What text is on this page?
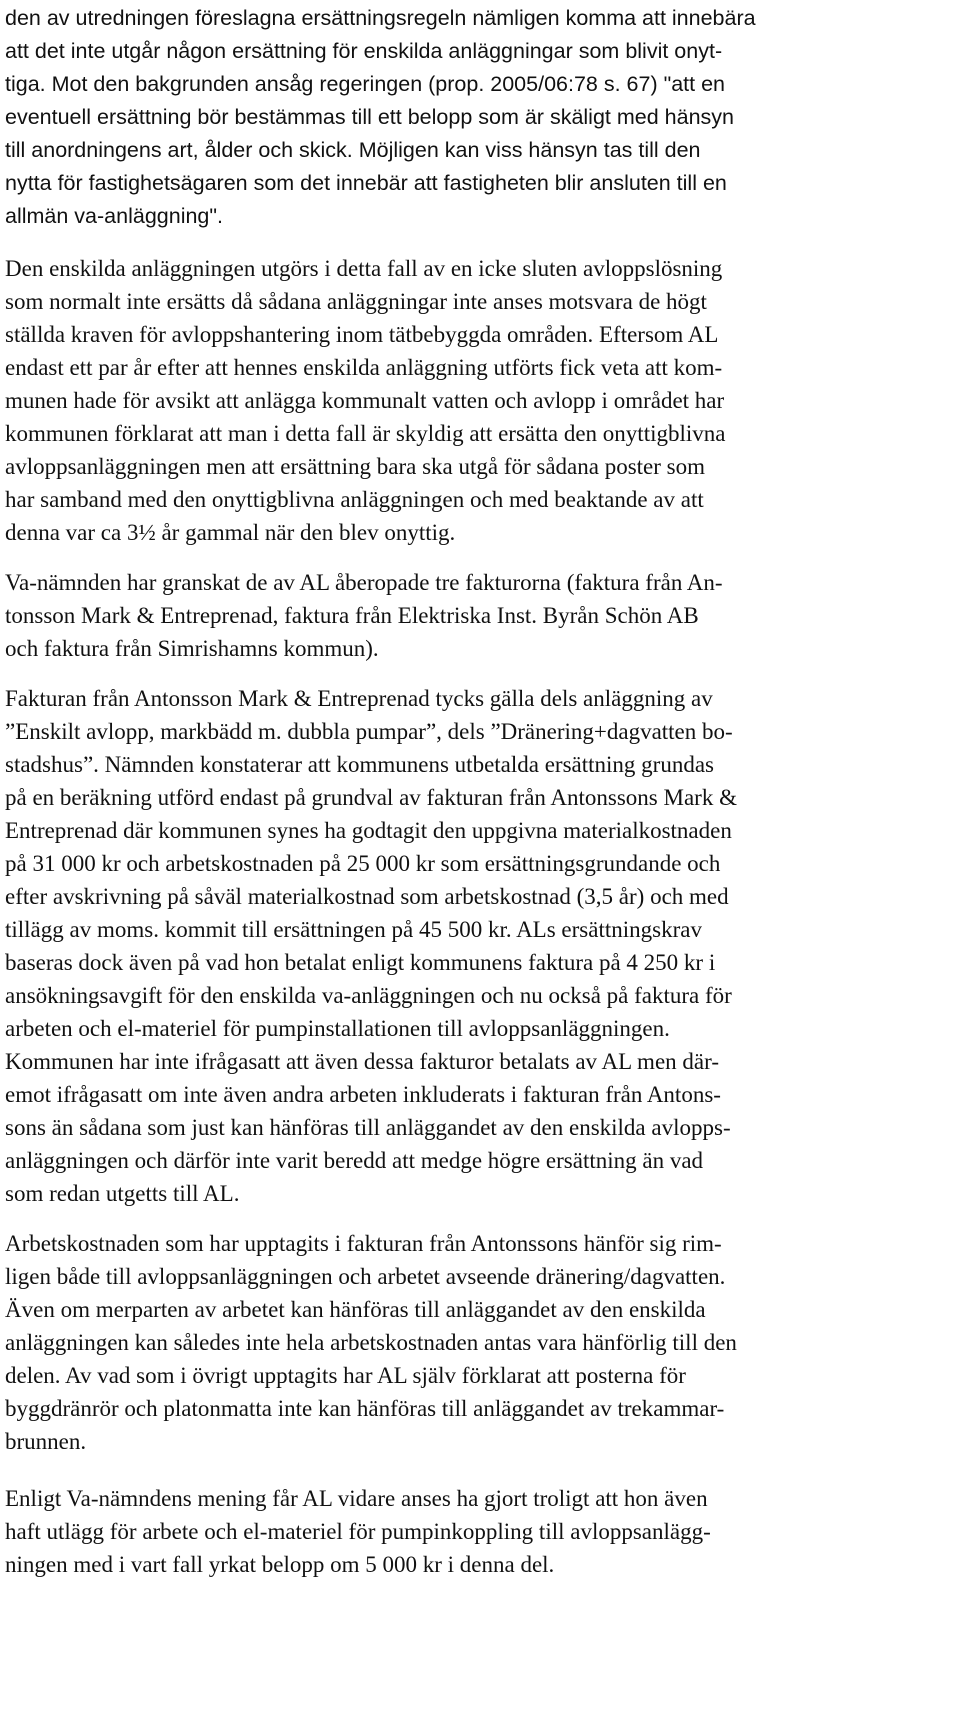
den av utredningen föreslagna ersättningsregeln nämligen komma att innebära
att det inte utgår någon ersättning för enskilda anläggningar som blivit onyt-
tiga. Mot den bakgrunden ansåg regeringen (prop. 2005/06:78 s. 67) "att en
eventuell ersättning bör bestämmas till ett belopp som är skäligt med hänsyn
till anordningens art, ålder och skick. Möjligen kan viss hänsyn tas till den
nytta för fastighetsägaren som det innebär att fastigheten blir ansluten till en
allmän va-anläggning".
Den enskilda anläggningen utgörs i detta fall av en icke sluten avloppslösning
som normalt inte ersätts då sådana anläggningar inte anses motsvara de högt
ställda kraven för avloppshantering inom tätbebyggda områden. Eftersom AL
endast ett par år efter att hennes enskilda anläggning utförts fick veta att kom-
munen hade för avsikt att anlägga kommunalt vatten och avlopp i området har
kommunen förklarat att man i detta fall är skyldig att ersätta den onyttigblivna
avloppsanläggningen men att ersättning bara ska utgå för sådana poster som
har samband med den onyttigblivna anläggningen och med beaktande av att
denna var ca 3½ år gammal när den blev onyttig.
Va-nämnden har granskat de av AL åberopade tre fakturorna (faktura från An-
tonsson Mark & Entreprenad, faktura från Elektriska Inst. Byrån Schön AB
och faktura från Simrishamns kommun).
Fakturan från Antonsson Mark & Entreprenad tycks gälla dels anläggning av
”Enskilt avlopp, markbädd m. dubbla pumpar”, dels ”Dränering+dagvatten bo-
stadshus”. Nämnden konstaterar att kommunens utbetalda ersättning grundas
på en beräkning utförd endast på grundval av fakturan från Antonssons Mark &
Entreprenad där kommunen synes ha godtagit den uppgivna materialkostnaden
på 31 000 kr och arbetskostnaden på 25 000 kr som ersättningsgrundande och
efter avskrivning på såväl materialkostnad som arbetskostnad (3,5 år) och med
tillägg av moms. kommit till ersättningen på 45 500 kr. ALs ersättningskrav
baseras dock även på vad hon betalat enligt kommunens faktura på 4 250 kr i
ansökningsavgift för den enskilda va-anläggningen och nu också på faktura för
arbeten och el-materiel för pumpinstallationen till avloppsanläggningen.
Kommunen har inte ifrågasatt att även dessa fakturor betalats av AL men där-
emot ifrågasatt om inte även andra arbeten inkluderats i fakturan från Antons-
sons än sådana som just kan hänföras till anläggandet av den enskilda avlopps-
anläggningen och därför inte varit beredd att medge högre ersättning än vad
som redan utgetts till AL.
Arbetskostnaden som har upptagits i fakturan från Antonssons hänför sig rim-
ligen både till avloppsanläggningen och arbetet avseende dränering/dagvatten.
Även om merparten av arbetet kan hänföras till anläggandet av den enskilda
anläggningen kan således inte hela arbetskostnaden antas vara hänförlig till den
delen. Av vad som i övrigt upptagits har AL själv förklarat att posterna för
byggdränrör och platonmatta inte kan hänföras till anläggandet av trekammar-
brunnen.
Enligt Va-nämndens mening får AL vidare anses ha gjort troligt att hon även
haft utlägg för arbete och el-materiel för pumpinkoppling till avloppsanlägg-
ningen med i vart fall yrkat belopp om 5 000 kr i denna del.
